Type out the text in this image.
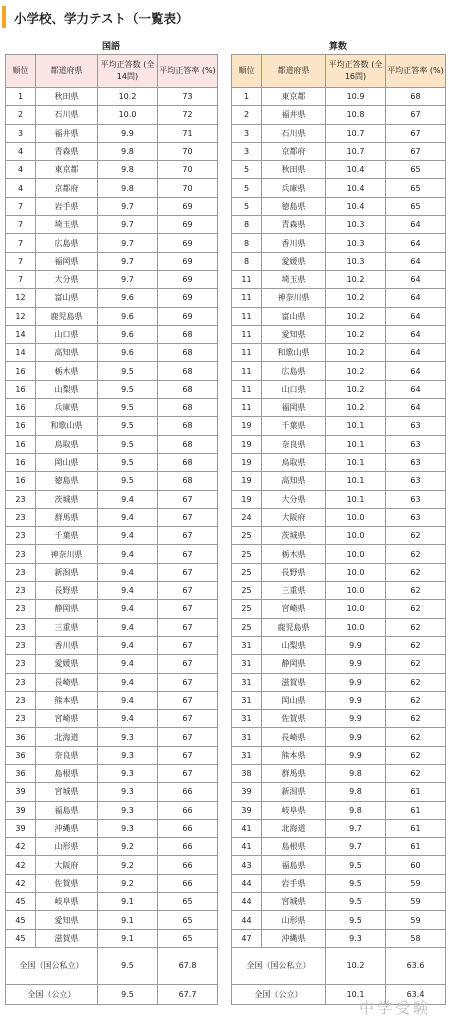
小学校、学力テスト（一覧表）
国語
順位	都道府県	平均正答数 (全14問)	平均正答率 (%)
1	秋田県	10.2	73
2	石川県	10.0	72
3	福井県	9.9	71
4	青森県	9.8	70
4	東京都	9.8	70
4	京都府	9.8	70
7	岩手県	9.7	69
7	埼玉県	9.7	69
7	広島県	9.7	69
7	福岡県	9.7	69
7	大分県	9.7	69
12	富山県	9.6	69
12	鹿児島県	9.6	69
14	山口県	9.6	68
14	高知県	9.6	68
16	栃木県	9.5	68
16	山梨県	9.5	68
16	兵庫県	9.5	68
16	和歌山県	9.5	68
16	鳥取県	9.5	68
16	岡山県	9.5	68
16	徳島県	9.5	68
23	茨城県	9.4	67
23	群馬県	9.4	67
23	千葉県	9.4	67
23	神奈川県	9.4	67
23	新潟県	9.4	67
23	長野県	9.4	67
23	静岡県	9.4	67
23	三重県	9.4	67
23	香川県	9.4	67
23	愛媛県	9.4	67
23	長崎県	9.4	67
23	熊本県	9.4	67
23	宮崎県	9.4	67
36	北海道	9.3	67
36	奈良県	9.3	67
36	島根県	9.3	67
39	宮城県	9.3	66
39	福島県	9.3	66
39	沖縄県	9.3	66
42	山形県	9.2	66
42	大阪府	9.2	66
42	佐賀県	9.2	66
45	岐阜県	9.1	65
45	愛知県	9.1	65
45	滋賀県	9.1	65
全国（国公私立）		9.5	67.8
全国（公立）		9.5	67.7
算数
順位	都道府県	平均正答数 (全16問)	平均正答率 (%)
1	東京都	10.9	68
2	福井県	10.8	67
3	石川県	10.7	67
3	京都府	10.7	67
5	秋田県	10.4	65
5	兵庫県	10.4	65
5	徳島県	10.4	65
8	青森県	10.3	64
8	香川県	10.3	64
8	愛媛県	10.3	64
11	埼玉県	10.2	64
11	神奈川県	10.2	64
11	富山県	10.2	64
11	愛知県	10.2	64
11	和歌山県	10.2	64
11	広島県	10.2	64
11	山口県	10.2	64
11	福岡県	10.2	64
19	千葉県	10.1	63
19	奈良県	10.1	63
19	鳥取県	10.1	63
19	高知県	10.1	63
19	大分県	10.1	63
24	大阪府	10.0	63
25	茨城県	10.0	62
25	栃木県	10.0	62
25	長野県	10.0	62
25	三重県	10.0	62
25	宮崎県	10.0	62
25	鹿児島県	10.0	62
31	山梨県	9.9	62
31	静岡県	9.9	62
31	滋賀県	9.9	62
31	岡山県	9.9	62
31	佐賀県	9.9	62
31	長崎県	9.9	62
31	熊本県	9.9	62
38	群馬県	9.8	62
39	新潟県	9.8	61
39	岐阜県	9.8	61
41	北海道	9.7	61
41	島根県	9.7	61
43	福島県	9.5	60
44	岩手県	9.5	59
44	宮城県	9.5	59
44	山形県	9.5	59
47	沖縄県	9.3	58
全国（国公私立）		10.2	63.6
全国（公立）		10.1	63.4
中学受験
